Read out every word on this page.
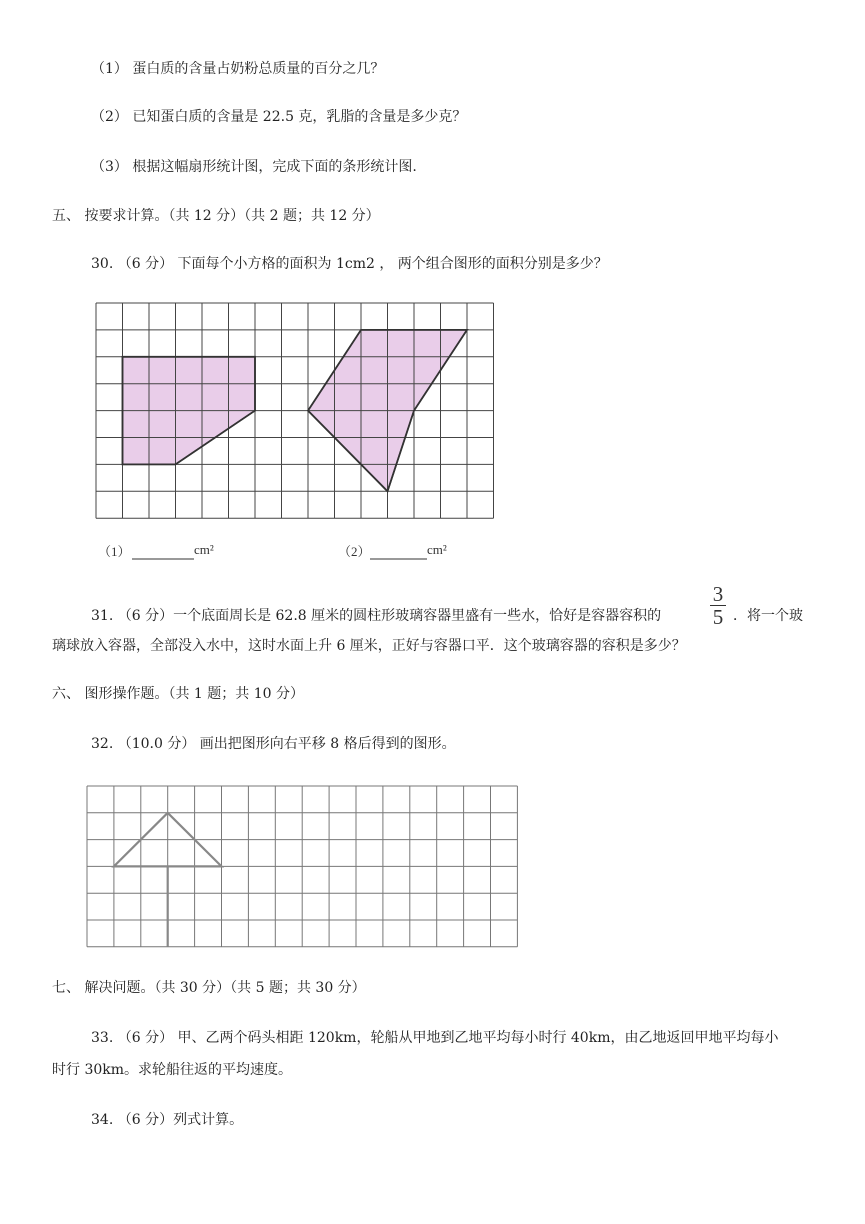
（1） 蛋白质的含量占奶粉总质量的百分之几？
（2） 已知蛋白质的含量是 22.5 克，乳脂的含量是多少克？
（3） 根据这幅扇形统计图，完成下面的条形统计图.
五、 按要求计算。（共 12 分）（共 2 题；共 12 分）
30. （6 分） 下面每个小方格的面积为 1cm2 ， 两个组合图形的面积分别是多少？
（1）	cm²	（2）	cm²
31. （6 分）一个底面周长是 62.8 厘米的圆柱形玻璃容器里盛有一些水，恰好是容器容积的
3
5 ．将一个玻
璃球放入容器，全部没入水中，这时水面上升 6 厘米，正好与容器口平．这个玻璃容器的容积是多少？
六、 图形操作题。（共 1 题；共 10 分）
32. （10.0 分） 画出把图形向右平移 8 格后得到的图形。
七、 解决问题。（共 30 分）（共 5 题；共 30 分）
33. （6 分） 甲、乙两个码头相距 120km，轮船从甲地到乙地平均每小时行 40km，由乙地返回甲地平均每小
时行 30km。求轮船往返的平均速度。
34. （6 分）列式计算。
